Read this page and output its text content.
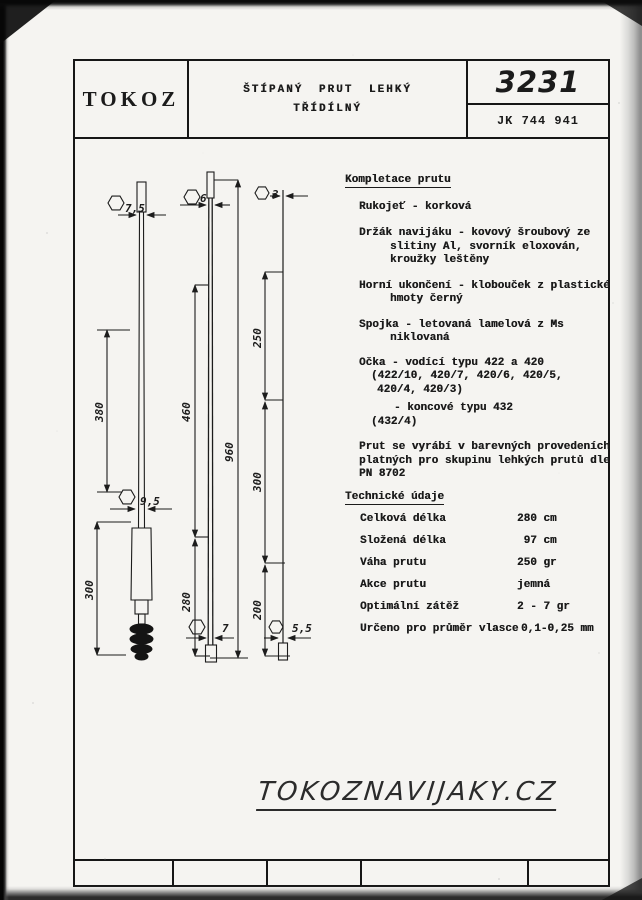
TOKOZ	ŠTÍPANÝ PRUT LEHKÝ
TŘÍDÍLNÝ
3231
JK 744 941
Kompletace prutu
Rukojeť - korková
Držák navijáku - kovový šroubový ze
slitiny Al, svorník eloxován,
kroužky leštěny
Horní ukončení - klobouček z plastické
hmoty černý
Spojka - letovaná lamelová z Ms
niklovaná
Očka - vodící typu 422 a 420
(422/10, 420/7, 420/6, 420/5,
420/4, 420/3)
- koncové typu 432
(432/4)
Prut se vyrábí v barevných provedeních
platných pro skupinu lehkých prutů dle
PN 8702
Technické údaje
Celková délka	280 cm
Složená délka	97 cm
Váha prutu	250 gr
Akce prutu	jemná
Optimální zátěž	2 - 7 gr
Určeno pro průměr vlasce 0,1-0,25 mm
TOKOZNAVIJAKY.CZ
7,5
380
9,5
300
6
460
960
280
7
3
250
300
200
5,5
